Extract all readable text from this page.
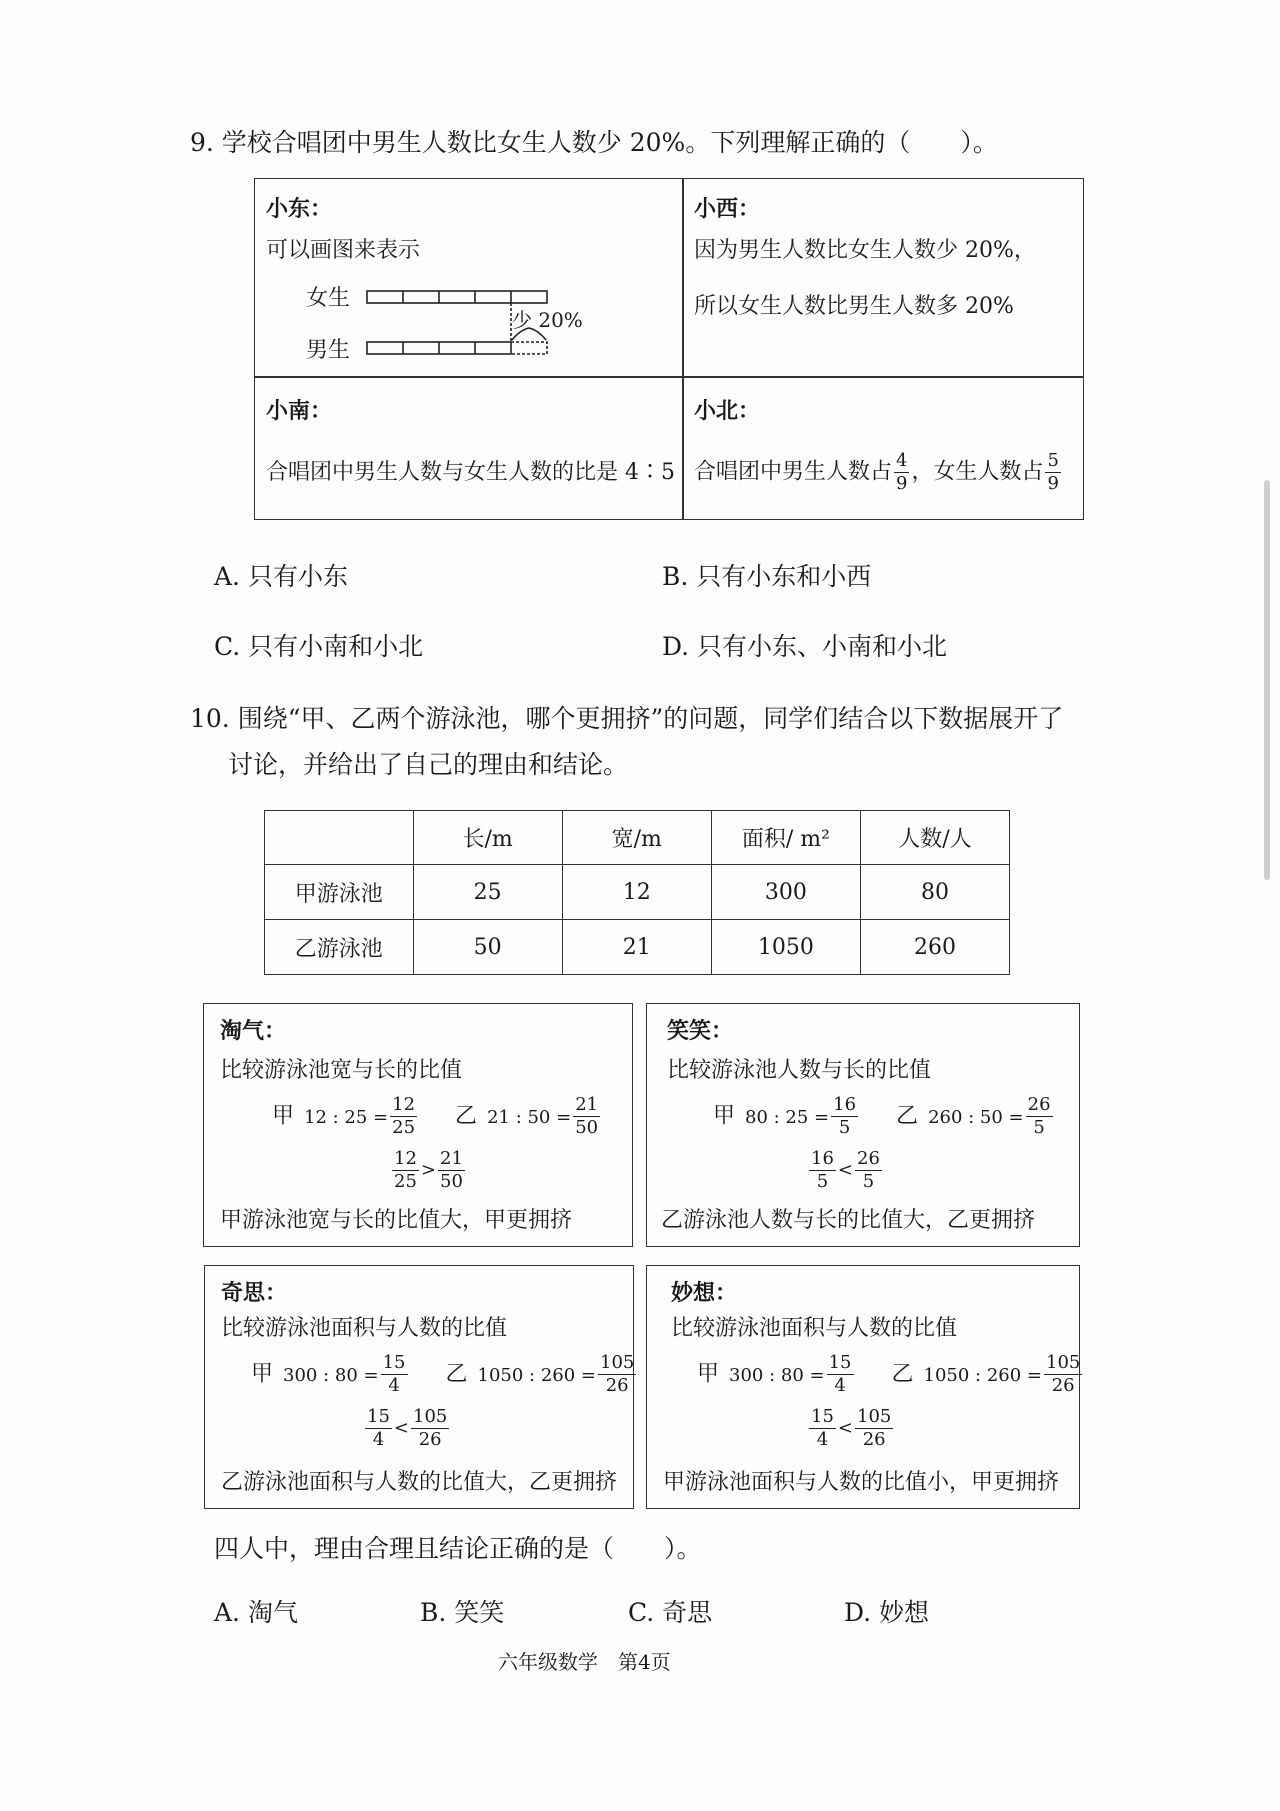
9. 学校合唱团中男生人数比女生人数少 20%。下列理解正确的（　　）。
小东：
可以画图来表示
女生
男生
少 20%
小西：
因为男生人数比女生人数少 20%，
所以女生人数比男生人数多 20%
小南：
合唱团中男生人数与女生人数的比是 4∶5
小北：
合唱团中男生人数占 $\frac{4}{9}$ ，女生人数占 $\frac{5}{9}$
A. 只有小东	B. 只有小东和小西
C. 只有小南和小北	D. 只有小东、小南和小北
10. 围绕“甲、乙两个游泳池，哪个更拥挤”的问题，同学们结合以下数据展开了
讨论，并给出了自己的理由和结论。
	长/m	宽/m	面积/ m²	人数/人
甲游泳池	25	12	300	80
乙游泳池	50	21	1050	260
淘气：
比较游泳池宽与长的比值
甲 12 : $25 = \frac{12}{25}$ 乙 21 : $50 = \frac{21}{50}$
$\frac{12}{25} > \frac{21}{50}$
甲游泳池宽与长的比值大，甲更拥挤
笑笑：
比较游泳池人数与长的比值
甲 80 : $25 = \frac{16}{5}$ 乙 260 : $50 = \frac{26}{5}$
$\frac{16}{5} < \frac{26}{5}$
乙游泳池人数与长的比值大，乙更拥挤
奇思：
比较游泳池面积与人数的比值
甲 300 : $80 = \frac{15}{4}$ 乙 1050 : $260 = \frac{105}{26}$
$\frac{15}{4} < \frac{105}{26}$
乙游泳池面积与人数的比值大，乙更拥挤
妙想：
比较游泳池面积与人数的比值
甲 300 : $80 = \frac{15}{4}$ 乙 1050 : $260 = \frac{105}{26}$
$\frac{15}{4} < \frac{105}{26}$
甲游泳池面积与人数的比值小，甲更拥挤
四人中，理由合理且结论正确的是（　　）。
A. 淘气	B. 笑笑	C. 奇思	D. 妙想
六年级数学　第4页
